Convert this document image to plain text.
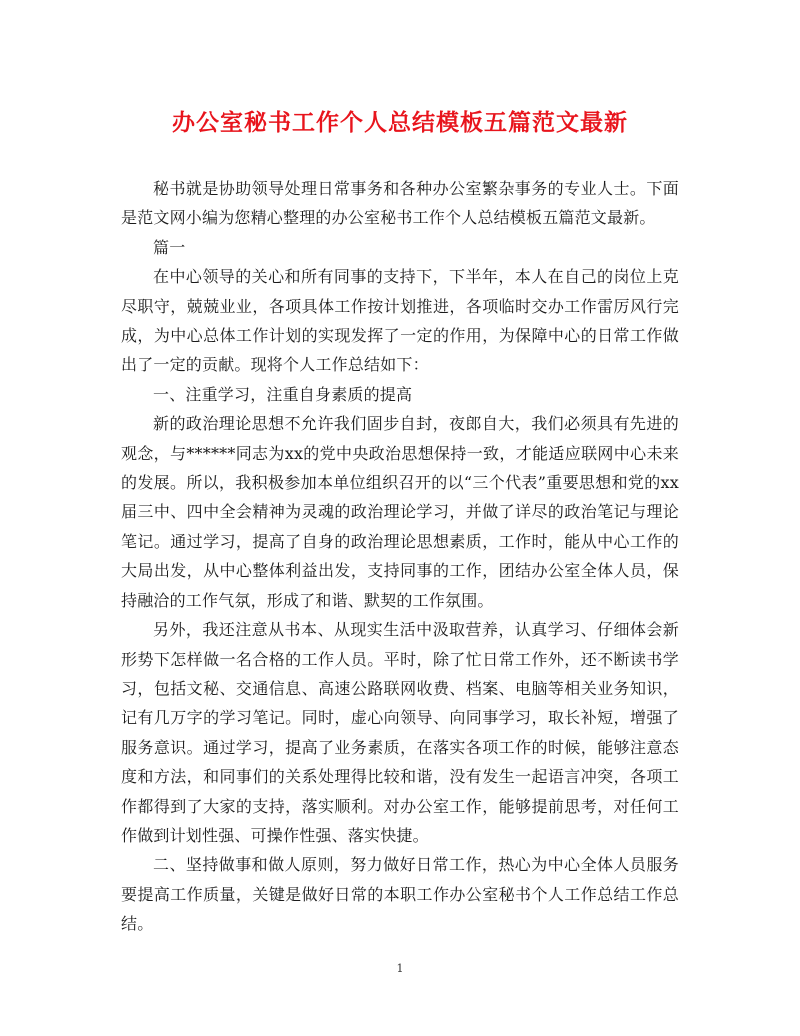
办公室秘书工作个人总结模板五篇范文最新

秘书就是协助领导处理日常事务和各种办公室繁杂事务的专业人士。下面是范文网小编为您精心整理的办公室秘书工作个人总结模板五篇范文最新。

篇一

在中心领导的关心和所有同事的支持下，下半年，本人在自己的岗位上克尽职守，兢兢业业，各项具体工作按计划推进，各项临时交办工作雷厉风行完成，为中心总体工作计划的实现发挥了一定的作用，为保障中心的日常工作做出了一定的贡献。现将个人工作总结如下：

一、注重学习，注重自身素质的提高

新的政治理论思想不允许我们固步自封，夜郎自大，我们必须具有先进的观念，与******同志为xx的党中央政治思想保持一致，才能适应联网中心未来的发展。所以，我积极参加本单位组织召开的以“三个代表”重要思想和党的xx届三中、四中全会精神为灵魂的政治理论学习，并做了详尽的政治笔记与理论笔记。通过学习，提高了自身的政治理论思想素质，工作时，能从中心工作的大局出发，从中心整体利益出发，支持同事的工作，团结办公室全体人员，保持融洽的工作气氛，形成了和谐、默契的工作氛围。

另外，我还注意从书本、从现实生活中汲取营养，认真学习、仔细体会新形势下怎样做一名合格的工作人员。平时，除了忙日常工作外，还不断读书学习，包括文秘、交通信息、高速公路联网收费、档案、电脑等相关业务知识，记有几万字的学习笔记。同时，虚心向领导、向同事学习，取长补短，增强了服务意识。通过学习，提高了业务素质，在落实各项工作的时候，能够注意态度和方法，和同事们的关系处理得比较和谐，没有发生一起语言冲突，各项工作都得到了大家的支持，落实顺利。对办公室工作，能够提前思考，对任何工作做到计划性强、可操作性强、落实快捷。

二、坚持做事和做人原则，努力做好日常工作，热心为中心全体人员服务要提高工作质量，关键是做好日常的本职工作办公室秘书个人工作总结工作总结。

1
